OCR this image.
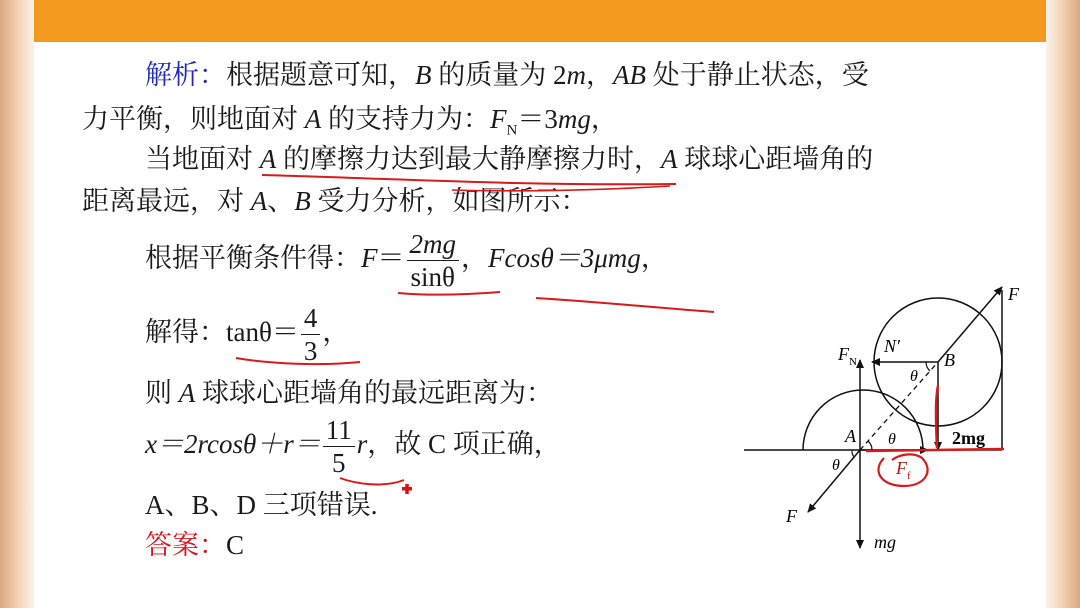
解析：根据题意可知，B 的质量为 2m，AB 处于静止状态，受
力平衡，则地面对 A 的支持力为：$F_N=3mg$，
当地面对 A 的摩擦力达到最大静摩擦力时，A 球球心距墙角的
距离最远，对 A、B 受力分析，如图所示：
根据平衡条件得：$F= \frac{2mg}{\sin\theta}$ ，Fcosθ＝3μmg，
解得：$\tan\theta= \frac{4}{3}$ ，
则 A 球球心距墙角的最远距离为：
$x=2rcos\theta+r= \frac{11}{5}$ r，故 C 项正确，
A、B、D 三项错误.
答案：C
F
$F_N$
N′
B
θ
A θ
θ
2mg
$F_f$
F
mg
